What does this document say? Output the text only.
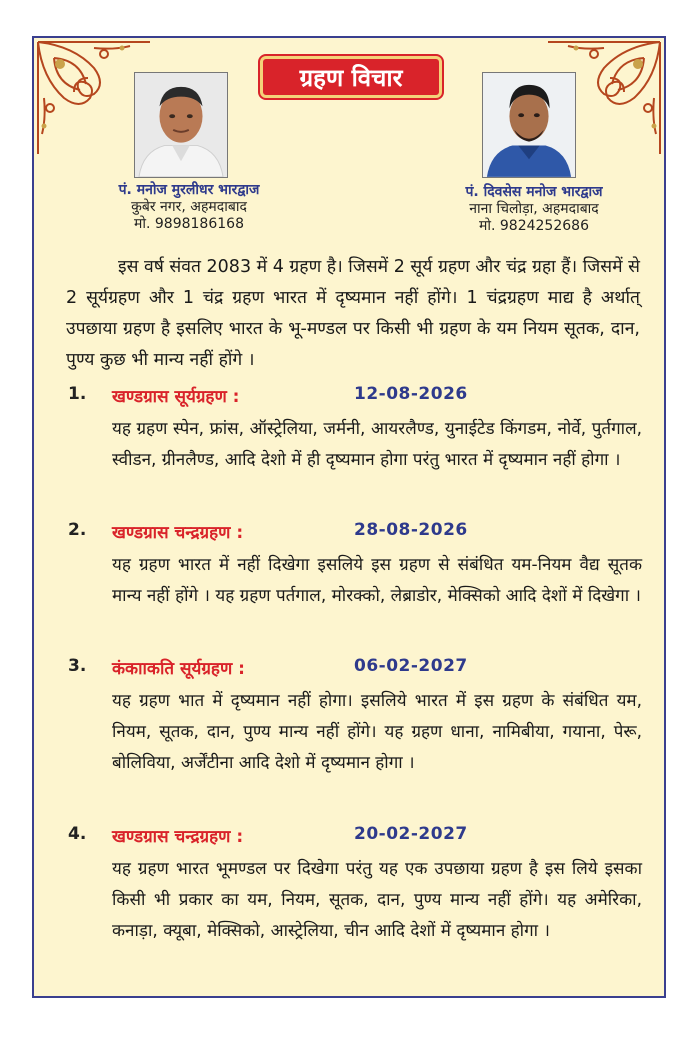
ग्रहण विचार
पं. मनोज मुरलीधर भारद्वाज
कुबेर नगर, अहमदाबाद
मो. 9898186168
पं. दिवसेस मनोज भारद्वाज
नाना चिलोड़ा, अहमदाबाद
मो. 9824252686

इस वर्ष संवत 2083 में 4 ग्रहण है। जिसमें 2 सूर्य ग्रहण और चंद्र ग्रहा हैं। जिसमें से 2 सूर्यग्रहण और 1 चंद्र ग्रहण भारत में दृष्यमान नहीं होंगे। 1 चंद्रग्रहण माद्य है अर्थात् उपछाया ग्रहण है इसलिए भारत के भू-मण्डल पर किसी भी ग्रहण के यम नियम सूतक, दान, पुण्य कुछ भी मान्य नहीं होंगे ।

1. खण्डग्रास सूर्यग्रहण :	12-08-2026

यह ग्रहण स्पेन, फ्रांस, ऑस्ट्रेलिया, जर्मनी, आयरलैण्ड, युनाईटेड किंगडम, नोर्वे, पुर्तगाल, स्वीडन, ग्रीनलैण्ड, आदि देशो में ही दृष्यमान होगा परंतु भारत में दृष्यमान नहीं होगा ।

2. खण्डग्रास चन्द्रग्रहण :	28-08-2026

यह ग्रहण भारत में नहीं दिखेगा इसलिये इस ग्रहण से संबंधित यम-नियम वैद्य सूतक मान्य नहीं होंगे । यह ग्रहण पर्तगाल, मोरक्को, लेब्राडोर, मेक्सिको आदि देशों में दिखेगा ।

3. कंकााकति सूर्यग्रहण :	06-02-2027

यह ग्रहण भात में दृष्यमान नहीं होगा। इसलिये भारत में इस ग्रहण के संबंधित यम, नियम, सूतक, दान, पुण्य मान्य नहीं होंगे। यह ग्रहण धाना, नामिबीया, गयाना, पेरू, बोलिविया, अर्जेंटीना आदि देशो में दृष्यमान होगा ।

4. खण्डग्रास चन्द्रग्रहण :	20-02-2027

यह ग्रहण भारत भूमण्डल पर दिखेगा परंतु यह एक उपछाया ग्रहण है इस लिये इसका किसी भी प्रकार का यम, नियम, सूतक, दान, पुण्य मान्य नहीं होंगे। यह अमेरिका, कनाड़ा, क्यूबा, मेक्सिको, आस्ट्रेलिया, चीन आदि देशों में दृष्यमान होगा ।
